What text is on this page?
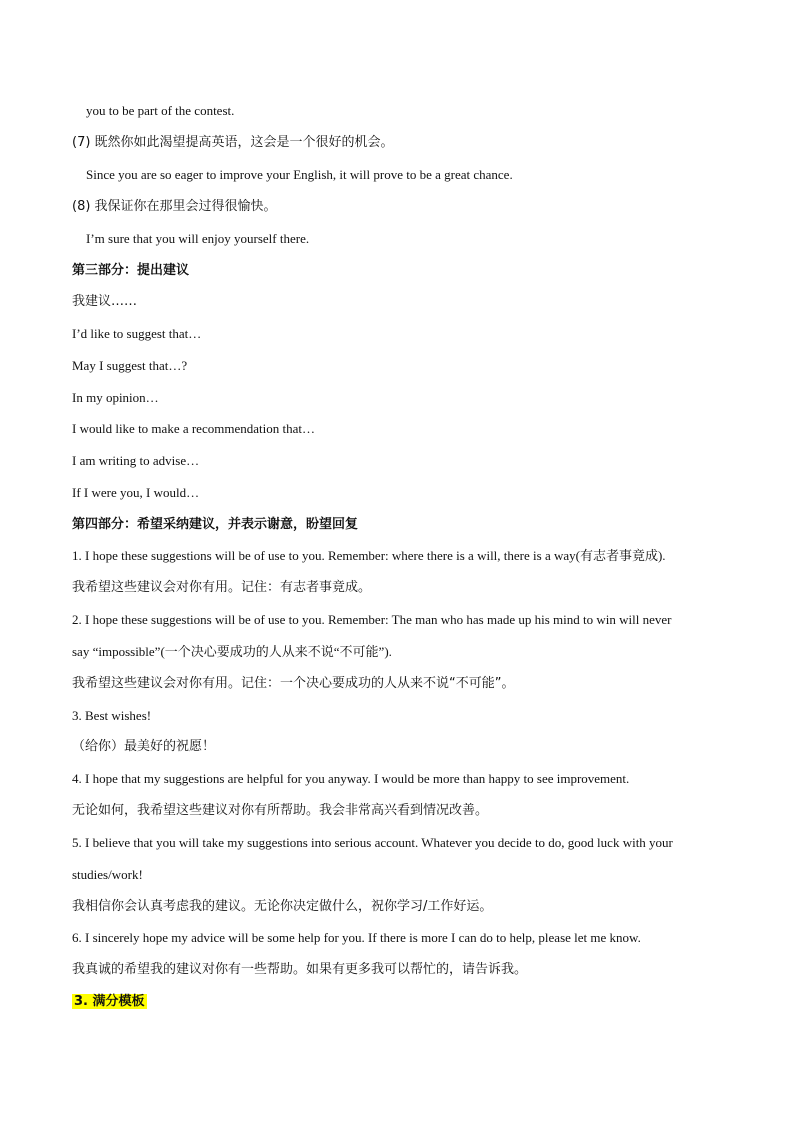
you to be part of the contest.
(7) 既然你如此渴望提高英语，这会是一个很好的机会。
Since you are so eager to improve your English, it will prove to be a great chance.
(8) 我保证你在那里会过得很愉快。
I’m sure that you will enjoy yourself there.
第三部分：提出建议
我建议……
I’d like to suggest that…
May I suggest that…?
In my opinion…
I would like to make a recommendation that…
I am writing to advise…
If I were you, I would…
第四部分：希望采纳建议，并表示谢意，盼望回复
1. I hope these suggestions will be of use to you. Remember: where there is a will, there is a way(有志者事竟成).
我希望这些建议会对你有用。记住：有志者事竟成。
2. I hope these suggestions will be of use to you. Remember: The man who has made up his mind to win will never
say “impossible”(一个决心要成功的人从来不说“不可能”).
我希望这些建议会对你有用。记住：一个决心要成功的人从来不说“不可能”。
3. Best wishes!
（给你）最美好的祝愿！
4. I hope that my suggestions are helpful for you anyway. I would be more than happy to see improvement.
无论如何，我希望这些建议对你有所帮助。我会非常高兴看到情况改善。
5. I believe that you will take my suggestions into serious account. Whatever you decide to do, good luck with your
studies/work!
我相信你会认真考虑我的建议。无论你决定做什么，祝你学习/工作好运。
6. I sincerely hope my advice will be some help for you. If there is more I can do to help, please let me know.
我真诚的希望我的建议对你有一些帮助。如果有更多我可以帮忙的，请告诉我。
3. 满分模板
